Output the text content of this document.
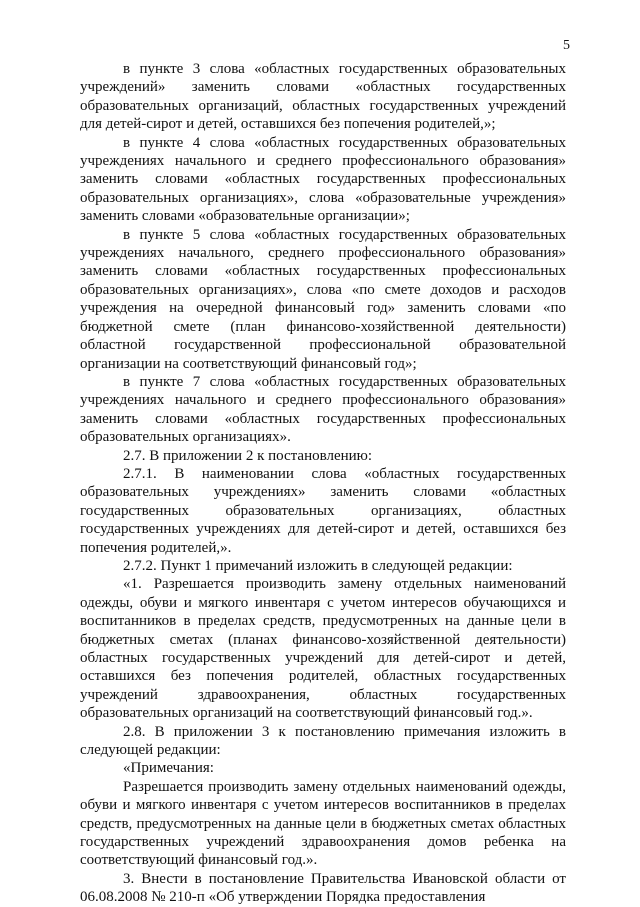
5

в пункте 3 слова «областных государственных образовательных учреждений» заменить словами «областных государственных образовательных организаций, областных государственных учреждений для детей-сирот и детей, оставшихся без попечения родителей,»;

в пункте 4 слова «областных государственных образовательных учреждениях начального и среднего профессионального образования» заменить словами «областных государственных профессиональных образовательных организациях», слова «образовательные учреждения» заменить словами «образовательные организации»;

в пункте 5 слова «областных государственных образовательных учреждениях начального, среднего профессионального образования» заменить словами «областных государственных профессиональных образовательных организациях», слова «по смете доходов и расходов учреждения на очередной финансовый год» заменить словами «по бюджетной смете (план финансово-хозяйственной деятельности) областной государственной профессиональной образовательной организации на соответствующий финансовый год»;

в пункте 7 слова «областных государственных образовательных учреждениях начального и среднего профессионального образования» заменить словами «областных государственных профессиональных образовательных организациях».

2.7. В приложении 2 к постановлению:

2.7.1. В наименовании слова «областных государственных образовательных учреждениях» заменить словами «областных государственных образовательных организациях, областных государственных учреждениях для детей-сирот и детей, оставшихся без попечения родителей,».

2.7.2. Пункт 1 примечаний изложить в следующей редакции:

«1. Разрешается производить замену отдельных наименований одежды, обуви и мягкого инвентаря с учетом интересов обучающихся и воспитанников в пределах средств, предусмотренных на данные цели в бюджетных сметах (планах финансово-хозяйственной деятельности) областных государственных учреждений для детей-сирот и детей, оставшихся без попечения родителей, областных государственных учреждений здравоохранения, областных государственных образовательных организаций на соответствующий финансовый год.».

2.8. В приложении 3 к постановлению примечания изложить в следующей редакции:

«Примечания:

Разрешается производить замену отдельных наименований одежды, обуви и мягкого инвентаря с учетом интересов воспитанников в пределах средств, предусмотренных на данные цели в бюджетных сметах областных государственных учреждений здравоохранения домов ребенка на соответствующий финансовый год.».

3. Внести в постановление Правительства Ивановской области от 06.08.2008 № 210-п «Об утверждении Порядка предоставления
